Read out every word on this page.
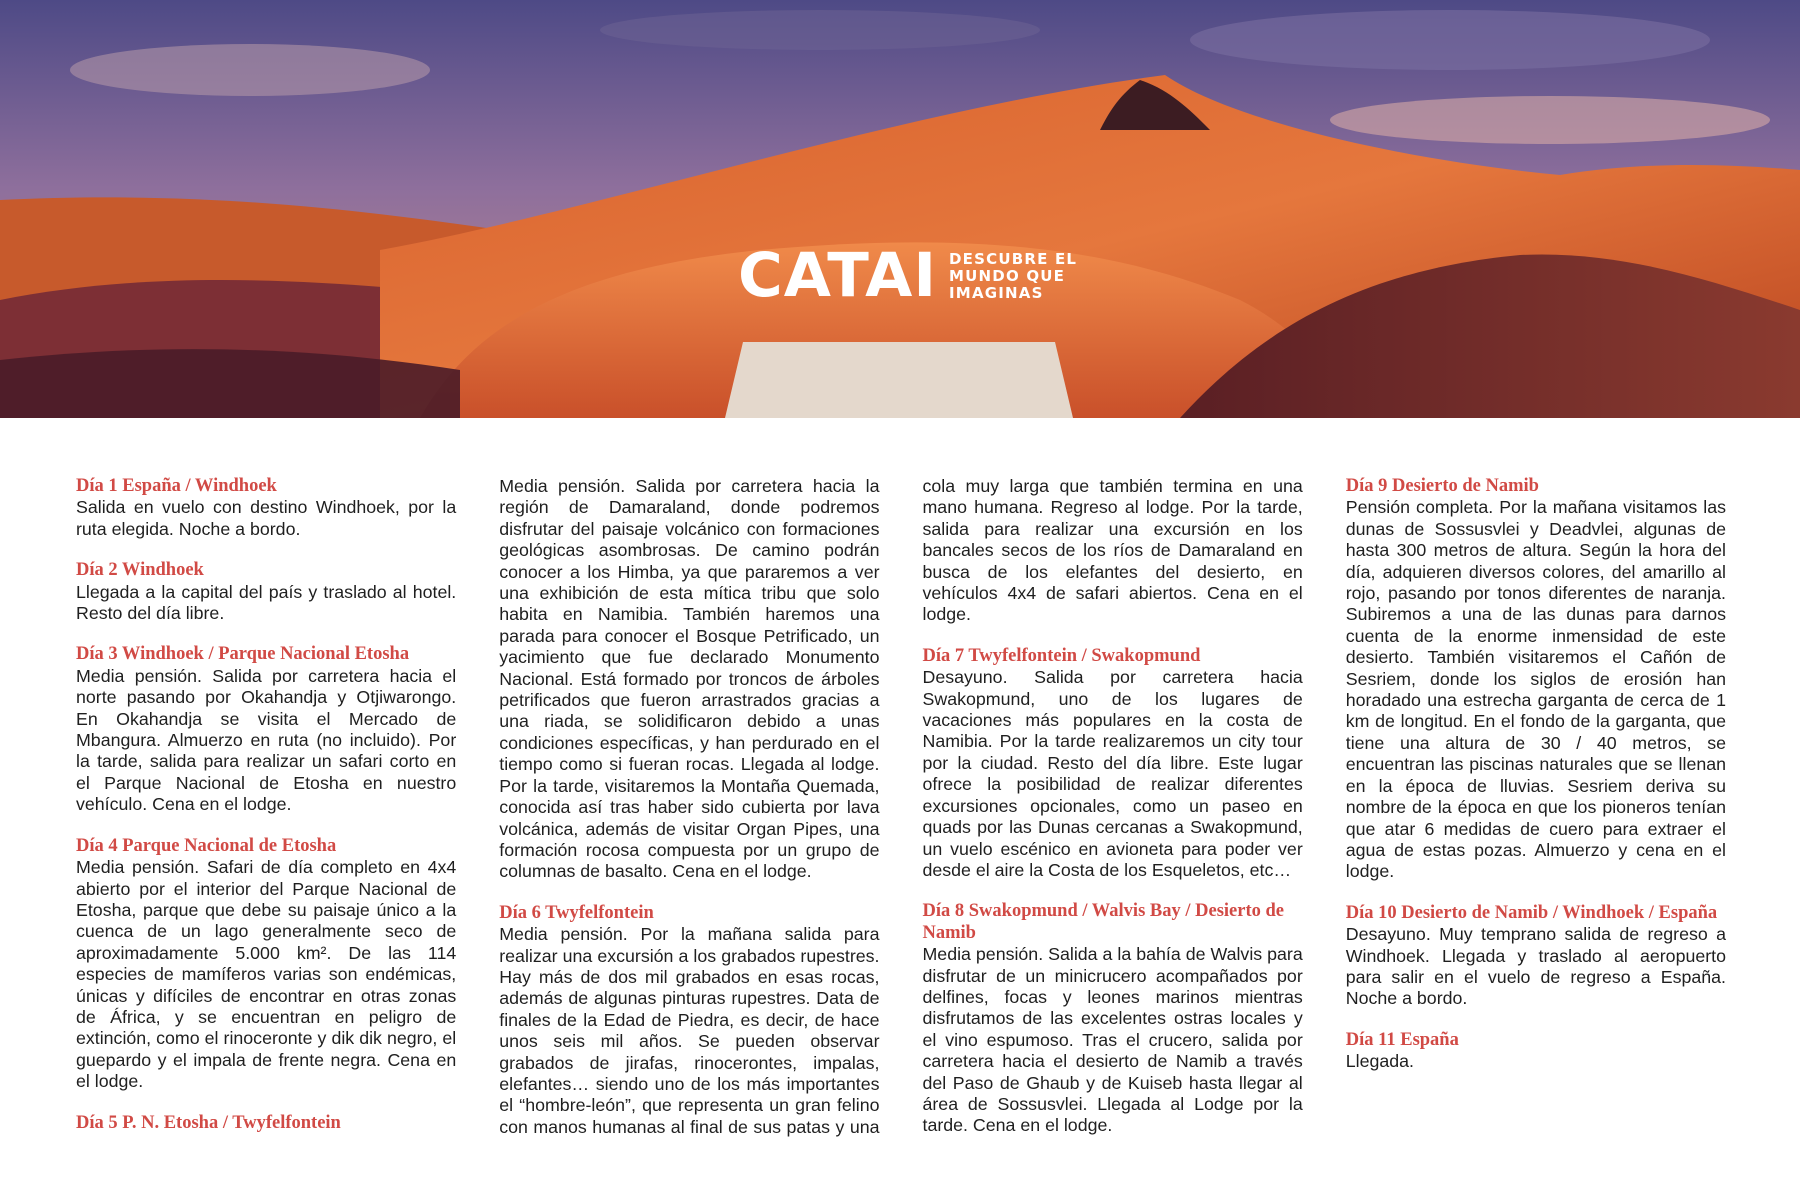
CATAI DESCUBRE EL
MUNDO QUE
IMAGINAS

Día 1 España / Windhoek

Salida en vuelo con destino Windhoek, por la ruta elegida. Noche a bordo.

Día 2 Windhoek

Llegada a la capital del país y traslado al hotel. Resto del día libre.

Día 3 Windhoek / Parque Nacional Etosha

Media pensión. Salida por carretera hacia el norte pasando por Okahandja y Otjiwarongo. En Okahandja se visita el Mercado de Mbangura. Almuerzo en ruta (no incluido). Por la tarde, salida para realizar un safari corto en el Parque Nacional de Etosha en nuestro vehículo. Cena en el lodge.

Día 4 Parque Nacional de Etosha

Media pensión. Safari de día completo en 4x4 abierto por el interior del Parque Nacional de Etosha, parque que debe su paisaje único a la cuenca de un lago generalmente seco de aproximadamente 5.000 km². De las 114 especies de mamíferos varias son endémicas, únicas y difíciles de encontrar en otras zonas de África, y se encuentran en peligro de extinción, como el rinoceronte y dik dik negro, el guepardo y el impala de frente negra. Cena en el lodge.

Día 5 P. N. Etosha / Twyfelfontein

Media pensión. Salida por carretera hacia la región de Damaraland, donde podremos disfrutar del paisaje volcánico con formaciones geológicas asombrosas. De camino podrán conocer a los Himba, ya que pararemos a ver una exhibición de esta mítica tribu que solo habita en Namibia. También haremos una parada para conocer el Bosque Petrificado, un yacimiento que fue declarado Monumento Nacional. Está formado por troncos de árboles petrificados que fueron arrastrados gracias a una riada, se solidificaron debido a unas condiciones específicas, y han perdurado en el tiempo como si fueran rocas. Llegada al lodge. Por la tarde, visitaremos la Montaña Quemada, conocida así tras haber sido cubierta por lava volcánica, además de visitar Organ Pipes, una formación rocosa compuesta por un grupo de columnas de basalto. Cena en el lodge.

Día 6 Twyfelfontein

Media pensión. Por la mañana salida para realizar una excursión a los grabados rupestres. Hay más de dos mil grabados en esas rocas, además de algunas pinturas rupestres. Data de finales de la Edad de Piedra, es decir, de hace unos seis mil años. Se pueden observar grabados de jirafas, rinocerontes, impalas, elefantes… siendo uno de los más importantes el “hombre-león”, que representa un gran felino con manos humanas al final de sus patas y una cola muy larga que también termina en una mano humana. Regreso al lodge. Por la tarde, salida para realizar una excursión en los bancales secos de los ríos de Damaraland en busca de los elefantes del desierto, en vehículos 4x4 de safari abiertos. Cena en el lodge.

Día 7 Twyfelfontein / Swakopmund

Desayuno. Salida por carretera hacia Swakopmund, uno de los lugares de vacaciones más populares en la costa de Namibia. Por la tarde realizaremos un city tour por la ciudad. Resto del día libre. Este lugar ofrece la posibilidad de realizar diferentes excursiones opcionales, como un paseo en quads por las Dunas cercanas a Swakopmund, un vuelo escénico en avioneta para poder ver desde el aire la Costa de los Esqueletos, etc…

Día 8 Swakopmund / Walvis Bay / Desierto de Namib

Media pensión. Salida a la bahía de Walvis para disfrutar de un minicrucero acompañados por delfines, focas y leones marinos mientras disfrutamos de las excelentes ostras locales y el vino espumoso. Tras el crucero, salida por carretera hacia el desierto de Namib a través del Paso de Ghaub y de Kuiseb hasta llegar al área de Sossusvlei. Llegada al Lodge por la tarde. Cena en el lodge.

Día 9 Desierto de Namib

Pensión completa. Por la mañana visitamos las dunas de Sossusvlei y Deadvlei, algunas de hasta 300 metros de altura. Según la hora del día, adquieren diversos colores, del amarillo al rojo, pasando por tonos diferentes de naranja. Subiremos a una de las dunas para darnos cuenta de la enorme inmensidad de este desierto. También visitaremos el Cañón de Sesriem, donde los siglos de erosión han horadado una estrecha garganta de cerca de 1 km de longitud. En el fondo de la garganta, que tiene una altura de 30 / 40 metros, se encuentran las piscinas naturales que se llenan en la época de lluvias. Sesriem deriva su nombre de la época en que los pioneros tenían que atar 6 medidas de cuero para extraer el agua de estas pozas. Almuerzo y cena en el lodge.

Día 10 Desierto de Namib / Windhoek / España

Desayuno. Muy temprano salida de regreso a Windhoek. Llegada y traslado al aeropuerto para salir en el vuelo de regreso a España. Noche a bordo.

Día 11 España

Llegada.
